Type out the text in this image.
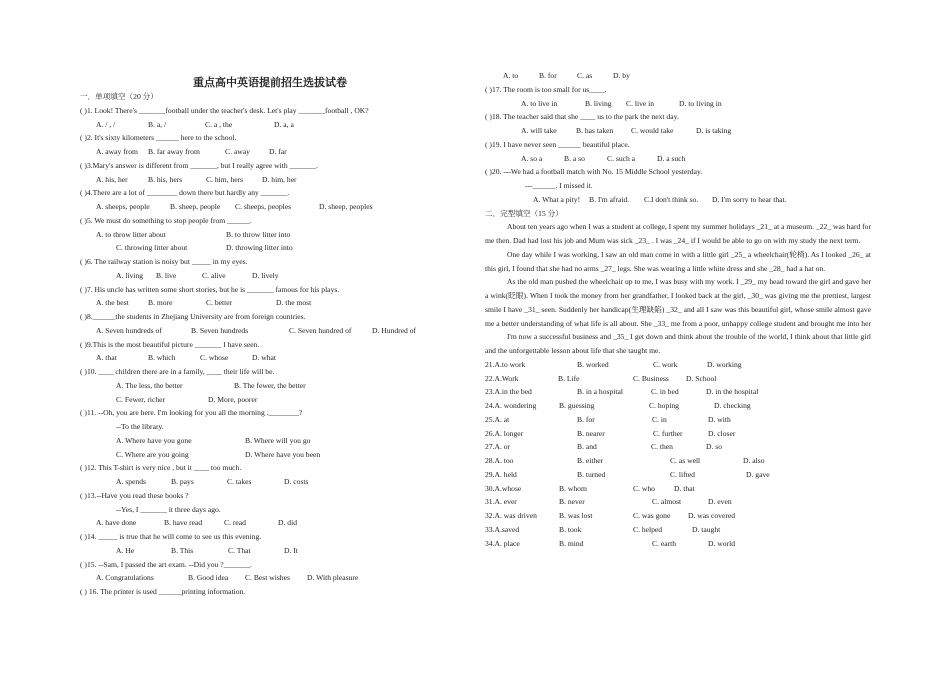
重点高中英语提前招生选拔试卷
一．单项填空（20 分）
( )1. Look! There's _______football under the teacher's desk. Let's play _______football , OK?
A. / , /	B. a, /	C. a , the	D. a, a
( )2. It's sixty kilometers ______ here to the school.
A. away from	B. far away from	C. away	D. far
( )3.Mary's answer is different from _______, but I really agree with _______.
A. his, her	B. his, hers	C. him, hers	D. him, her
( )4.There are a lot of ________ down there but hardly any _______.
A. sheeps, people	B. sheep, people	C. sheeps, peoples	D. sheep, peoples
( )5. We must do something to stop people from ______.
A. to throw litter about	B. to throw litter into
C. throwing litter about	D. throwing litter into
( )6. The railway station is noisy but _____ in my eyes.
A. living	B. live	C. alive	D. lively
( )7. His uncle has written some short stories, but he is _______ famous for his plays.
A. the best	B. more	C. better	D. the most
( )8.______the students in Zhejiang University are from foreign countries.
A. Seven hundreds of	B. Seven hundreds	C. Seven hundred of	D. Hundred of
( )9.This is the most beautiful picture _______ I have seen.
A. that	B. which	C. whose	D. what
( )10. ____ children there are in a family, ____ their life will be.
A. The less, the better	B. The fewer, the better
C. Fewer, richer	D. More, poorer
( )11. --Oh, you are here. I'm looking for you all the morning .________?
--To the library.
A. Where have you gone	B. Where will you go
C. Where are you going	D. Where have you been
( )12. This T-shirt is very nice , but it ____ too much.
A. spends	B. pays	C. takes	D. costs
( )13.--Have you read these books ?
--Yes, I _______ it three days ago.
A. have done	B. have read	C. read	D. did
( )14. _____ is true that he will come to see us this evening.
A. He	B. This	C. That	D. It
( )15. --Sam, I passed the art exam. --Did you ?_______.
A. Congratulations	B. Good idea	C. Best wishes	D. With pleasure
( ) 16. The printer is used ______printing information.
A. to	B. for	C. as	D. by
( )17. The room is too small for us____.
A. to live in	B. living	C. live in	D. to living in
( )18. The teacher said that she ____ us to the park the next day.
A. will take	B. has taken	C. would take	D. is taking
( )19. I have never seen ______ beautiful place.
A. so a	B. a so	C. such a	D. a such
( )20. ---We had a football match with No. 15 Middle School yesterday.
---______. I missed it.
A. What a pity!	B. I'm afraid.	C.I don't think so.	D. I'm sorry to hear that.
二．完型填空（15 分）
About ten years ago when I was a student at college, I spent my summer holidays _21_ at a museum. _22_ was hard for me then. Dad had lost his job and Mum was sick _23_ . I was _24_ if I would be able to go on with my study the next term.
One day while I was working, I saw an old man come in with a little girl _25_ a wheelchair(轮椅). As I looked _26_ at this girl, I found that she had no arms _27_ legs. She was wearing a little white dress and she _28_ had a hat on.
As the old man pushed the wheelchair up to me, I was busy with my work. I _29_ my head toward the girl and gave her a wink(眨眼). When I took the money from her grandfather, I looked back at the girl, _30_ was giving me the prettiest, largest smile I have _31_ seen. Suddenly her handicap(生理缺陷) _32_ and all I saw was this beautiful girl, whose smile almost gave me a better understanding of what life is all about. She _33_ me from a poor, unhappy college student and brought me into her
I'm now a successful business and _35_ I get down and think about the trouble of the world, I think about that little girl and the unforgettable lesson about life that she taught me.
21.A.to work	B. worked	C. work	D. working
22.A.Work	B. Life	C. Business	D. School
23.A.in the bed	B. in a hospital	C. in bed	D. in the hospital
24.A. wondering	B. guessing	C. hoping	D. checking
25.A. at	B. for	C. in	D. with
26.A. longer	B. nearer	C. further	D. closer
27.A. or	B. and	C. then	D. so
28.A. too	B. either	C. as well	D. also
29.A. held	B. turned	C. lifted	D. gave
30.A.whose	B. whom	C. who	D. that
31.A. ever	B. never	C. almost	D. even
32.A. was driven	B. was lost	C. was gone	D. was covered
33.A.saved	B. took	C. helped	D. taught
34.A. place	B. mind	C. earth	D. world
